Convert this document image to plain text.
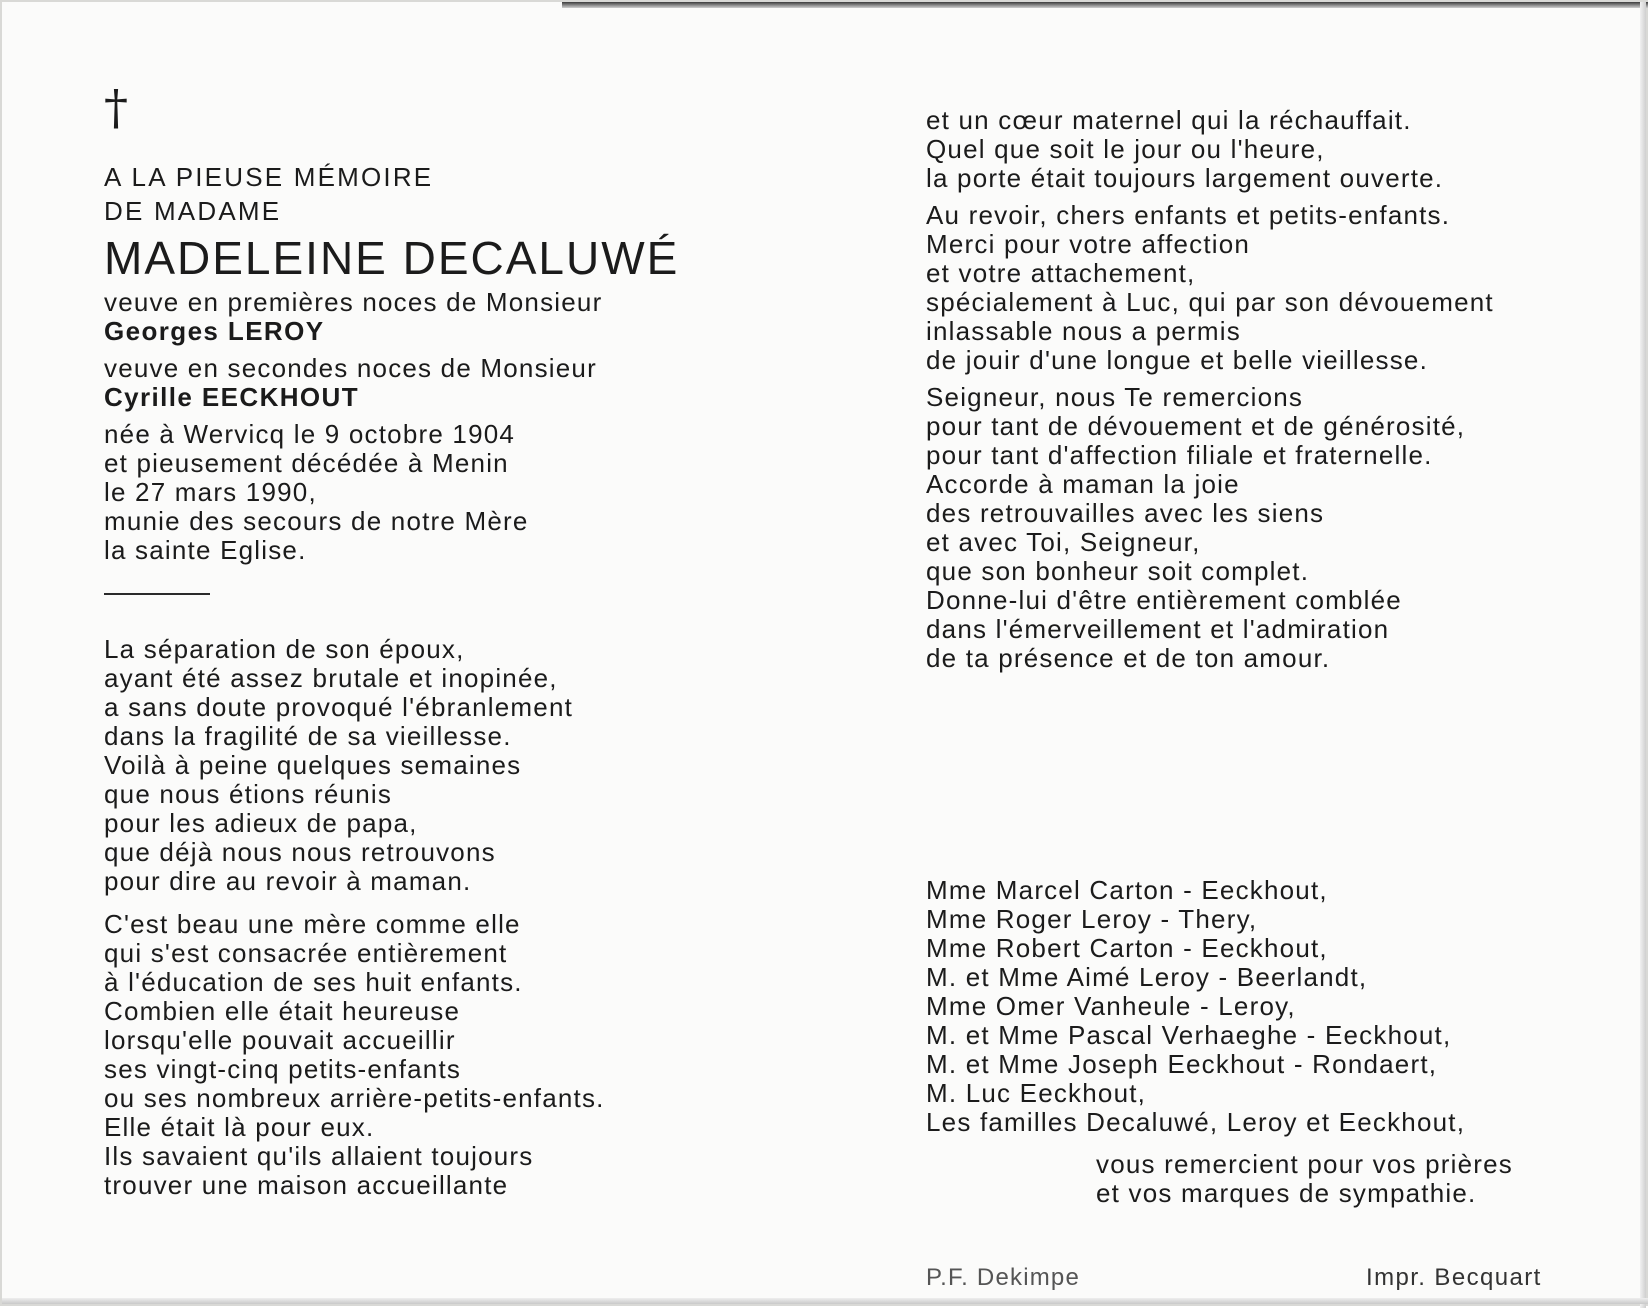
†
A LA PIEUSE MÉMOIRE
DE MADAME
MADELEINE DECALUWÉ
veuve en premières noces de Monsieur
Georges LEROY
veuve en secondes noces de Monsieur
Cyrille EECKHOUT
née à Wervicq le 9 octobre 1904
et pieusement décédée à Menin
le 27 mars 1990,
munie des secours de notre Mère
la sainte Eglise.
La séparation de son époux,
ayant été assez brutale et inopinée,
a sans doute provoqué l'ébranlement
dans la fragilité de sa vieillesse.
Voilà à peine quelques semaines
que nous étions réunis
pour les adieux de papa,
que déjà nous nous retrouvons
pour dire au revoir à maman.
C'est beau une mère comme elle
qui s'est consacrée entièrement
à l'éducation de ses huit enfants.
Combien elle était heureuse
lorsqu'elle pouvait accueillir
ses vingt-cinq petits-enfants
ou ses nombreux arrière-petits-enfants.
Elle était là pour eux.
Ils savaient qu'ils allaient toujours
trouver une maison accueillante
et un cœur maternel qui la réchauffait.
Quel que soit le jour ou l'heure,
la porte était toujours largement ouverte.
Au revoir, chers enfants et petits-enfants.
Merci pour votre affection
et votre attachement,
spécialement à Luc, qui par son dévouement
inlassable nous a permis
de jouir d'une longue et belle vieillesse.
Seigneur, nous Te remercions
pour tant de dévouement et de générosité,
pour tant d'affection filiale et fraternelle.
Accorde à maman la joie
des retrouvailles avec les siens
et avec Toi, Seigneur,
que son bonheur soit complet.
Donne-lui d'être entièrement comblée
dans l'émerveillement et l'admiration
de ta présence et de ton amour.
Mme Marcel Carton - Eeckhout,
Mme Roger Leroy - Thery,
Mme Robert Carton - Eeckhout,
M. et Mme Aimé Leroy - Beerlandt,
Mme Omer Vanheule - Leroy,
M. et Mme Pascal Verhaeghe - Eeckhout,
M. et Mme Joseph Eeckhout - Rondaert,
M. Luc Eeckhout,
Les familles Decaluwé, Leroy et Eeckhout,
vous remercient pour vos prières
et vos marques de sympathie.
P.F. Dekimpe	Impr. Becquart
